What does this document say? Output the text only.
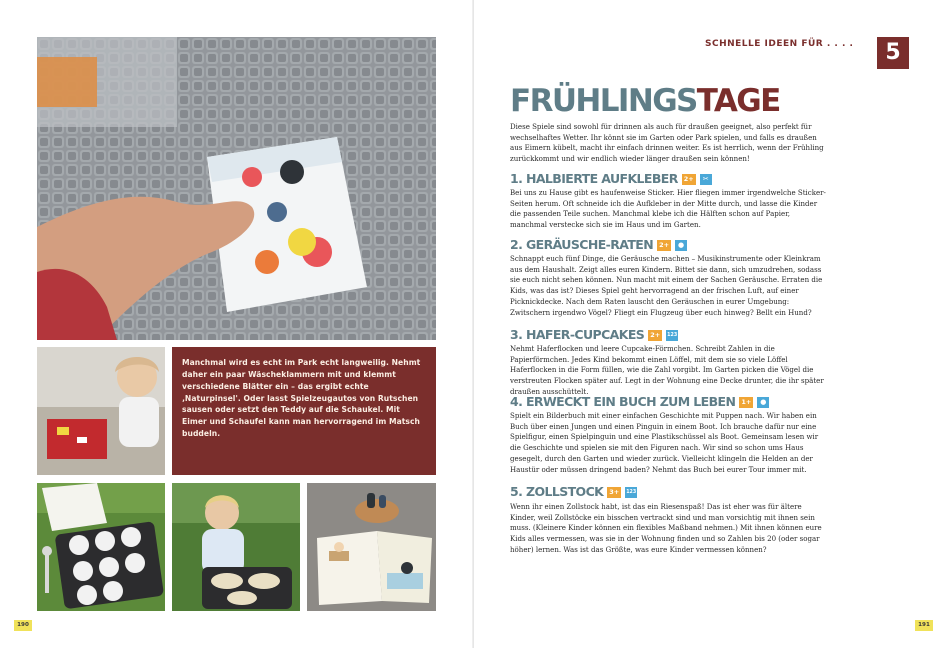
Manchmal wird es echt im Park echt langweilig. Nehmt daher ein paar Wäscheklammern mit und klemmt verschiedene Blätter ein – das ergibt echte ‚Naturpinsel'. Oder lasst Spielzeugautos von Rutschen sausen oder setzt den Teddy auf die Schaukel. Mit Eimer und Schaufel kann man hervorragend im Matsch buddeln.

190
SCHNELLE IDEEN FÜR . . . .	5
FRÜHLINGSTAGE
Diese Spiele sind sowohl für drinnen als auch für draußen geeignet, also perfekt für wechselhaftes Wetter. Ihr könnt sie im Garten oder Park spielen, und falls es draußen aus Eimern kübelt, macht ihr einfach drinnen weiter. Es ist herrlich, wenn der Frühling zurückkommt und wir endlich wieder länger draußen sein können!
1. HALBIERTE AUFKLEBER 2+	✂
Bei uns zu Hause gibt es haufenweise Sticker. Hier fliegen immer irgendwelche Sticker-Seiten herum. Oft schneide ich die Aufkleber in der Mitte durch, und lasse die Kinder die passenden Teile suchen. Manchmal klebe ich die Hälften schon auf Papier, manchmal verstecke sich sie im Haus und im Garten.
2. GERÄUSCHE-RATEN 2+	●
Schnappt euch fünf Dinge, die Geräusche machen – Musikinstrumente oder Kleinkram aus dem Haushalt. Zeigt alles euren Kindern. Bittet sie dann, sich umzudrehen, sodass sie euch nicht sehen können. Nun macht mit einem der Sachen Geräusche. Erraten die Kids, was das ist? Dieses Spiel geht hervorragend an der frischen Luft, auf einer Picknickdecke. Nach dem Raten lauscht den Geräuschen in eurer Umgebung: Zwitschern irgendwo Vögel? Fliegt ein Flugzeug über euch hinweg? Bellt ein Hund?
3. HAFER-CUPCAKES 2+	123
Nehmt Haferflocken und leere Cupcake-Förmchen. Schreibt Zahlen in die Papierförmchen. Jedes Kind bekommt einen Löffel, mit dem sie so viele Löffel Haferflocken in die Form füllen, wie die Zahl vorgibt. Im Garten picken die Vögel die verstreuten Flocken später auf. Legt in der Wohnung eine Decke drunter, die ihr später draußen ausschüttelt.
4. ERWECKT EIN BUCH ZUM LEBEN 1+	●
Spielt ein Bilderbuch mit einer einfachen Geschichte mit Puppen nach. Wir haben ein Buch über einen Jungen und einen Pinguin in einem Boot. Ich brauche dafür nur eine Spielfigur, einen Spielpinguin und eine Plastikschüssel als Boot. Gemeinsam lesen wir die Geschichte und spielen sie mit den Figuren nach. Wir sind so schon ums Haus gesegelt, durch den Garten und wieder zurück. Vielleicht klingeln die Helden an der Haustür oder müssen dringend baden? Nehmt das Buch bei eurer Tour immer mit.
5. ZOLLSTOCK 3+	123
Wenn ihr einen Zollstock habt, ist das ein Riesenspaß! Das ist eher was für ältere Kinder, weil Zollstöcke ein bisschen vertrackt sind und man vorsichtig mit ihnen sein muss. (Kleinere Kinder können ein flexibles Maßband nehmen.) Mit ihnen können eure Kids alles vermessen, was sie in der Wohnung finden und so Zahlen bis 20 (oder sogar höher) lernen. Was ist das Größte, was eure Kinder vermessen können?
191
